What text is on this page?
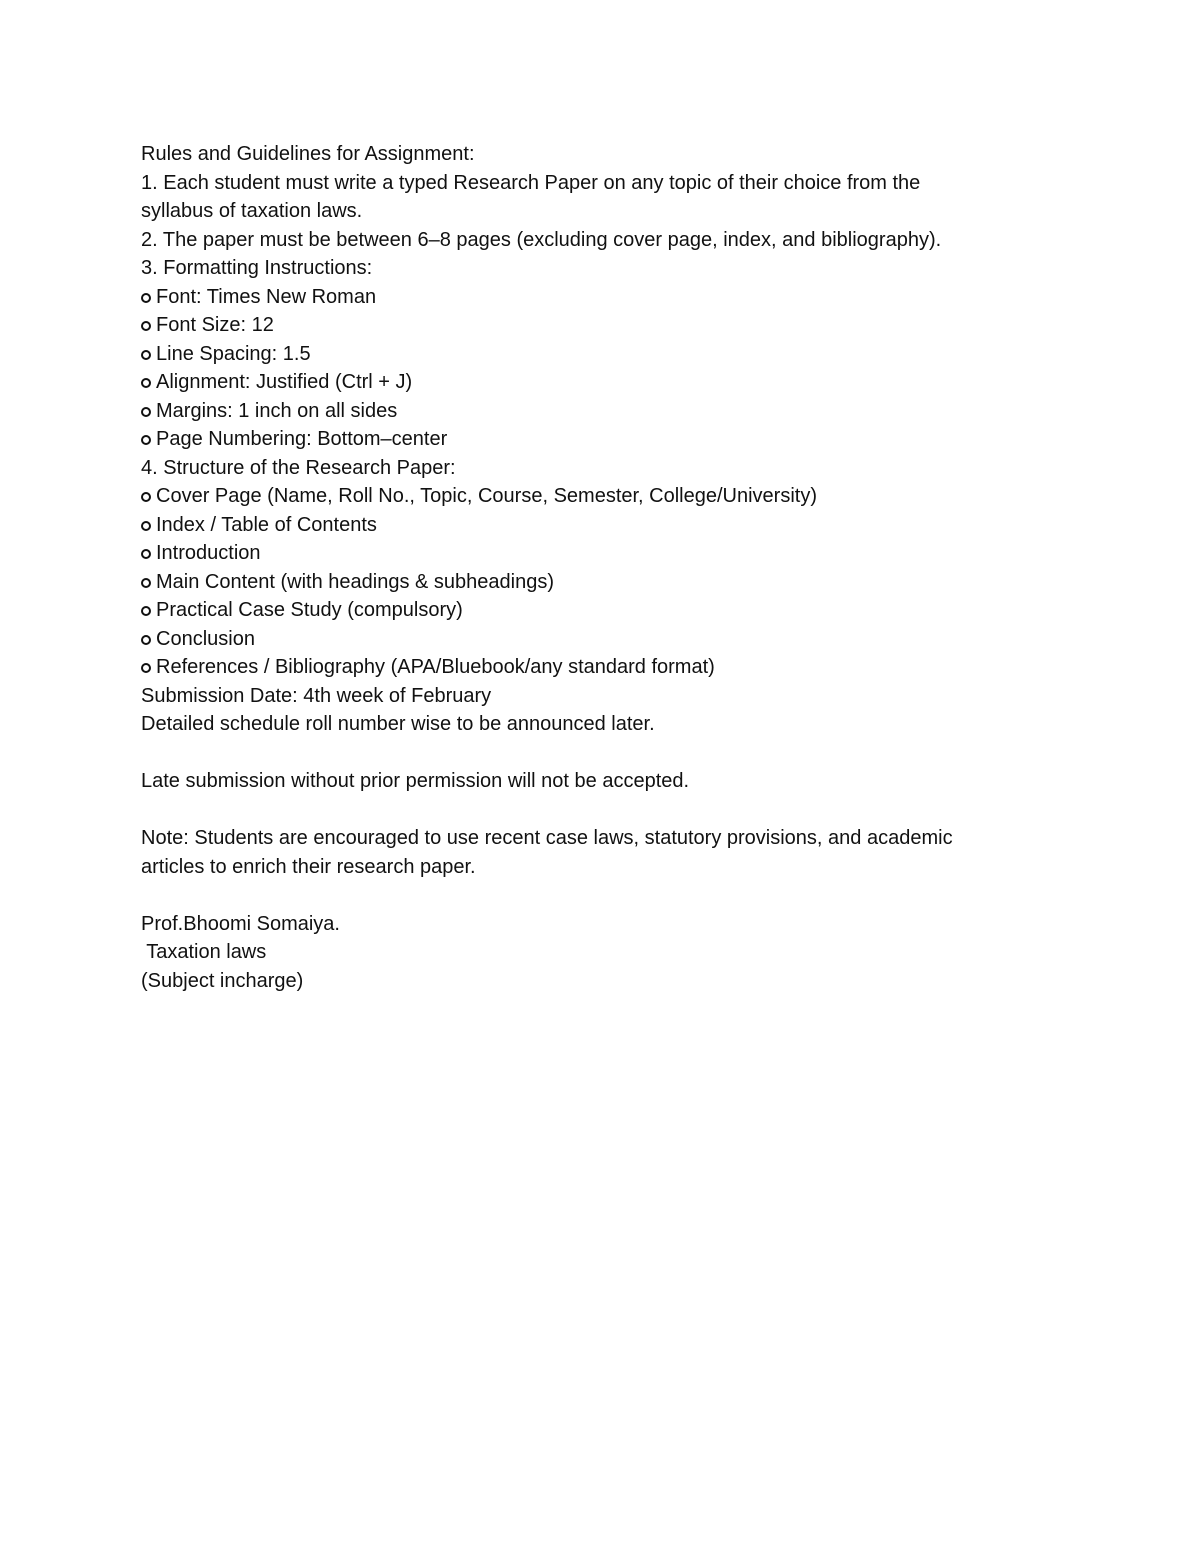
Rules and Guidelines for Assignment:
1. Each student must write a typed Research Paper on any topic of their choice from the
syllabus of taxation laws.
2. The paper must be between 6–8 pages (excluding cover page, index, and bibliography).
3. Formatting Instructions:
Font: Times New Roman
Font Size: 12
Line Spacing: 1.5
Alignment: Justified (Ctrl + J)
Margins: 1 inch on all sides
Page Numbering: Bottom–center
4. Structure of the Research Paper:
Cover Page (Name, Roll No., Topic, Course, Semester, College/University)
Index / Table of Contents
Introduction
Main Content (with headings & subheadings)
Practical Case Study (compulsory)
Conclusion
References / Bibliography (APA/Bluebook/any standard format)
Submission Date: 4th week of February
Detailed schedule roll number wise to be announced later.
Late submission without prior permission will not be accepted.
Note: Students are encouraged to use recent case laws, statutory provisions, and academic
articles to enrich their research paper.
Prof.Bhoomi Somaiya.
Taxation laws
(Subject incharge)
